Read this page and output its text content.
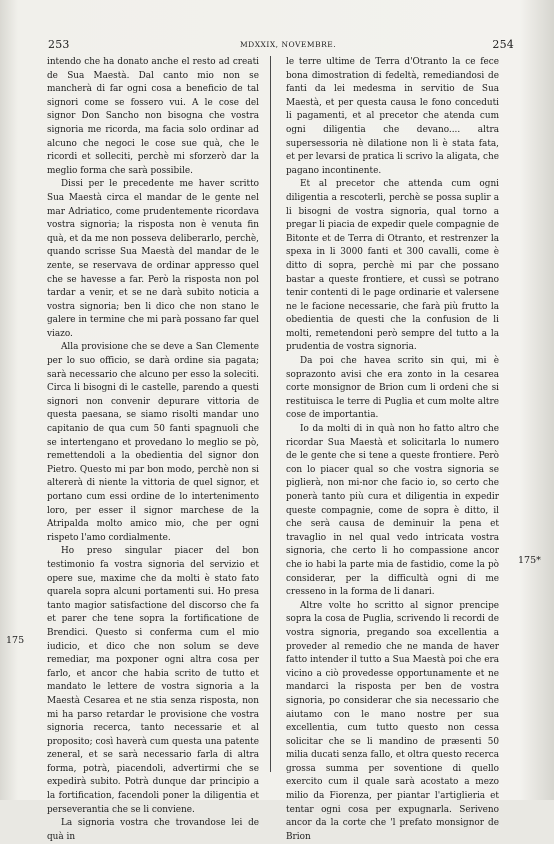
253	MDXXIX, NOVEMBRE.	254

intendo che ha donato anche el resto ad creati de Sua Maestà. Dal canto mio non se mancherà di far ogni cosa a beneficio de tal signori come se fossero vui. A le cose del signor Don Sancho non bisogna che vostra signoria me ricorda, ma facia solo ordinar ad alcuno che negoci le cose sue quà, che le ricordi et solleciti, perchè mi sforzerò dar la meglio forma che sarà possibile.

Dissi per le precedente me haver scritto Sua Maestà circa el mandar de le gente nel mar Adriatico, come prudentemente ricordava vostra signoria; la risposta non è venuta fin quà, et da me non posseva deliberarlo, perchè, quando scrisse Sua Maestà del mandar de le zente, se reservava de ordinar appresso quel che se havesse a far. Però la risposta non pol tardar a venir, et se ne darà subito noticia a vostra signoria; ben li dico che non stano le galere in termine che mi parà possano far quel viazo.

Alla provisione che se deve a San Clemente per lo suo officio, se darà ordine sia pagata; sarà necessario che alcuno per esso la soleciti. Circa li bisogni di le castelle, parendo a questi signori non convenir depurare vittoria de questa paesana, se siamo risolti mandar uno capitanio de qua cum 50 fanti spagnuoli che se intertengano et provedano lo meglio se pò, remettendoli a la obedientia del signor don Pietro. Questo mi par bon modo, perchè non si altererà di niente la vittoria de quel signor, et portano cum essi ordine de lo intertenimento loro, per esser il signor marchese de la Atripalda molto amico mio, che per ogni rispeto l'amo cordialmente.

Ho preso singular piacer del bon testimonio fa vostra signoria del servizio et opere sue, maxime che da molti è stato fato quarela sopra alcuni portamenti sui. Ho presa tanto magior satisfactione del discorso che fa et parer che tene sopra la fortificatione de Brendici. Questo si conferma cum el mio iudicio, et dico che non solum se deve remediar, ma poxponer ogni altra cosa per farlo, et ancor che habia scrito de tutto et mandato le lettere de vostra signoria a la Maestà Cesarea et ne stia senza risposta, non mi ha parso retardar le provisione che vostra signoria recerca, tanto necessarie et al proposito; così haverà cum questa una patente zeneral, et se sarà necessario farla di altra forma, potrà, piacendoli, advertirmi che se expedirà subito. Potrà dunque dar principio a la fortification, facendoli poner la diligentia et perseverantia che se li conviene.

La signoria vostra che trovandose lei de quà in

le terre ultime de Terra d'Otranto la ce fece bona dimostration di fedeltà, remediandosi de fanti da lei medesma in servitio de Sua Maestà, et per questa causa le fono conceduti li pagamenti, et al precetor che atenda cum ogni diligentia che devano.... altra supersessoria nè dilatione non li è stata fata, et per levarsi de pratica li scrivo la aligata, che pagano incontinente.

Et al precetor che attenda cum ogni diligentia a rescoterli, perchè se possa suplir a li bisogni de vostra signoria, qual torno a pregar li piacia de expedir quele compagnie de Bitonte et de Terra di Otranto, et restrenzer la spexa in li 3000 fanti et 300 cavalli, come è ditto di sopra, perchè mi par che possano bastar a queste frontiere, et cussì se potrano tenir contenti di le page ordinarie et valersene ne le facione necessarie, che farà più frutto la obedientia de questi che la confusion de li molti, remetendoni però sempre del tutto a la prudentia de vostra signoria.

Da poi che havea scrito sin qui, mi è soprazonto avisi che era zonto in la cesarea corte monsignor de Brion cum li ordeni che si restituisca le terre di Puglia et cum molte altre cose de importantia.

Io da molti di in quà non ho fatto altro che ricordar Sua Maestà et solicitarla lo numero de le gente che si tene a queste frontiere. Però con lo piacer qual so che vostra signoria se piglierà, non mi-nor che facio io, so certo che ponerà tanto più cura et diligentia in expedir queste compagnie, come de sopra è ditto, il che serà causa de deminuir la pena et travaglio in nel qual vedo intricata vostra signoria, che certo li ho compassione ancor che io habi la parte mia de fastidio, come la pò considerar, per la difficultà ogni di me cresseno in la forma de li danari.

Altre volte ho scritto al signor prencipe sopra la cosa de Puglia, scrivendo li recordi de vostra signoria, pregando soa excellentia a proveder al remedio che ne manda de haver fatto intender il tutto a Sua Maestà poi che era vicino a ciò provedesse opportunamente et ne mandarci la risposta per ben de vostra signoria, po considerar che sia necessario che aiutamo con le mano nostre per sua excellentia, cum tutto questo non cessa solicitar che se li mandino de præsenti 50 milia ducati senza fallo, et oltra questo recerca grossa summa per soventione di quello exercito cum il quale sarà acostato a mezo milio da Fiorenza, per piantar l'artiglieria et tentar ogni cosa per expugnarla. Seriveno ancor da la corte che 'l prefato monsignor de Brion

175
175*
